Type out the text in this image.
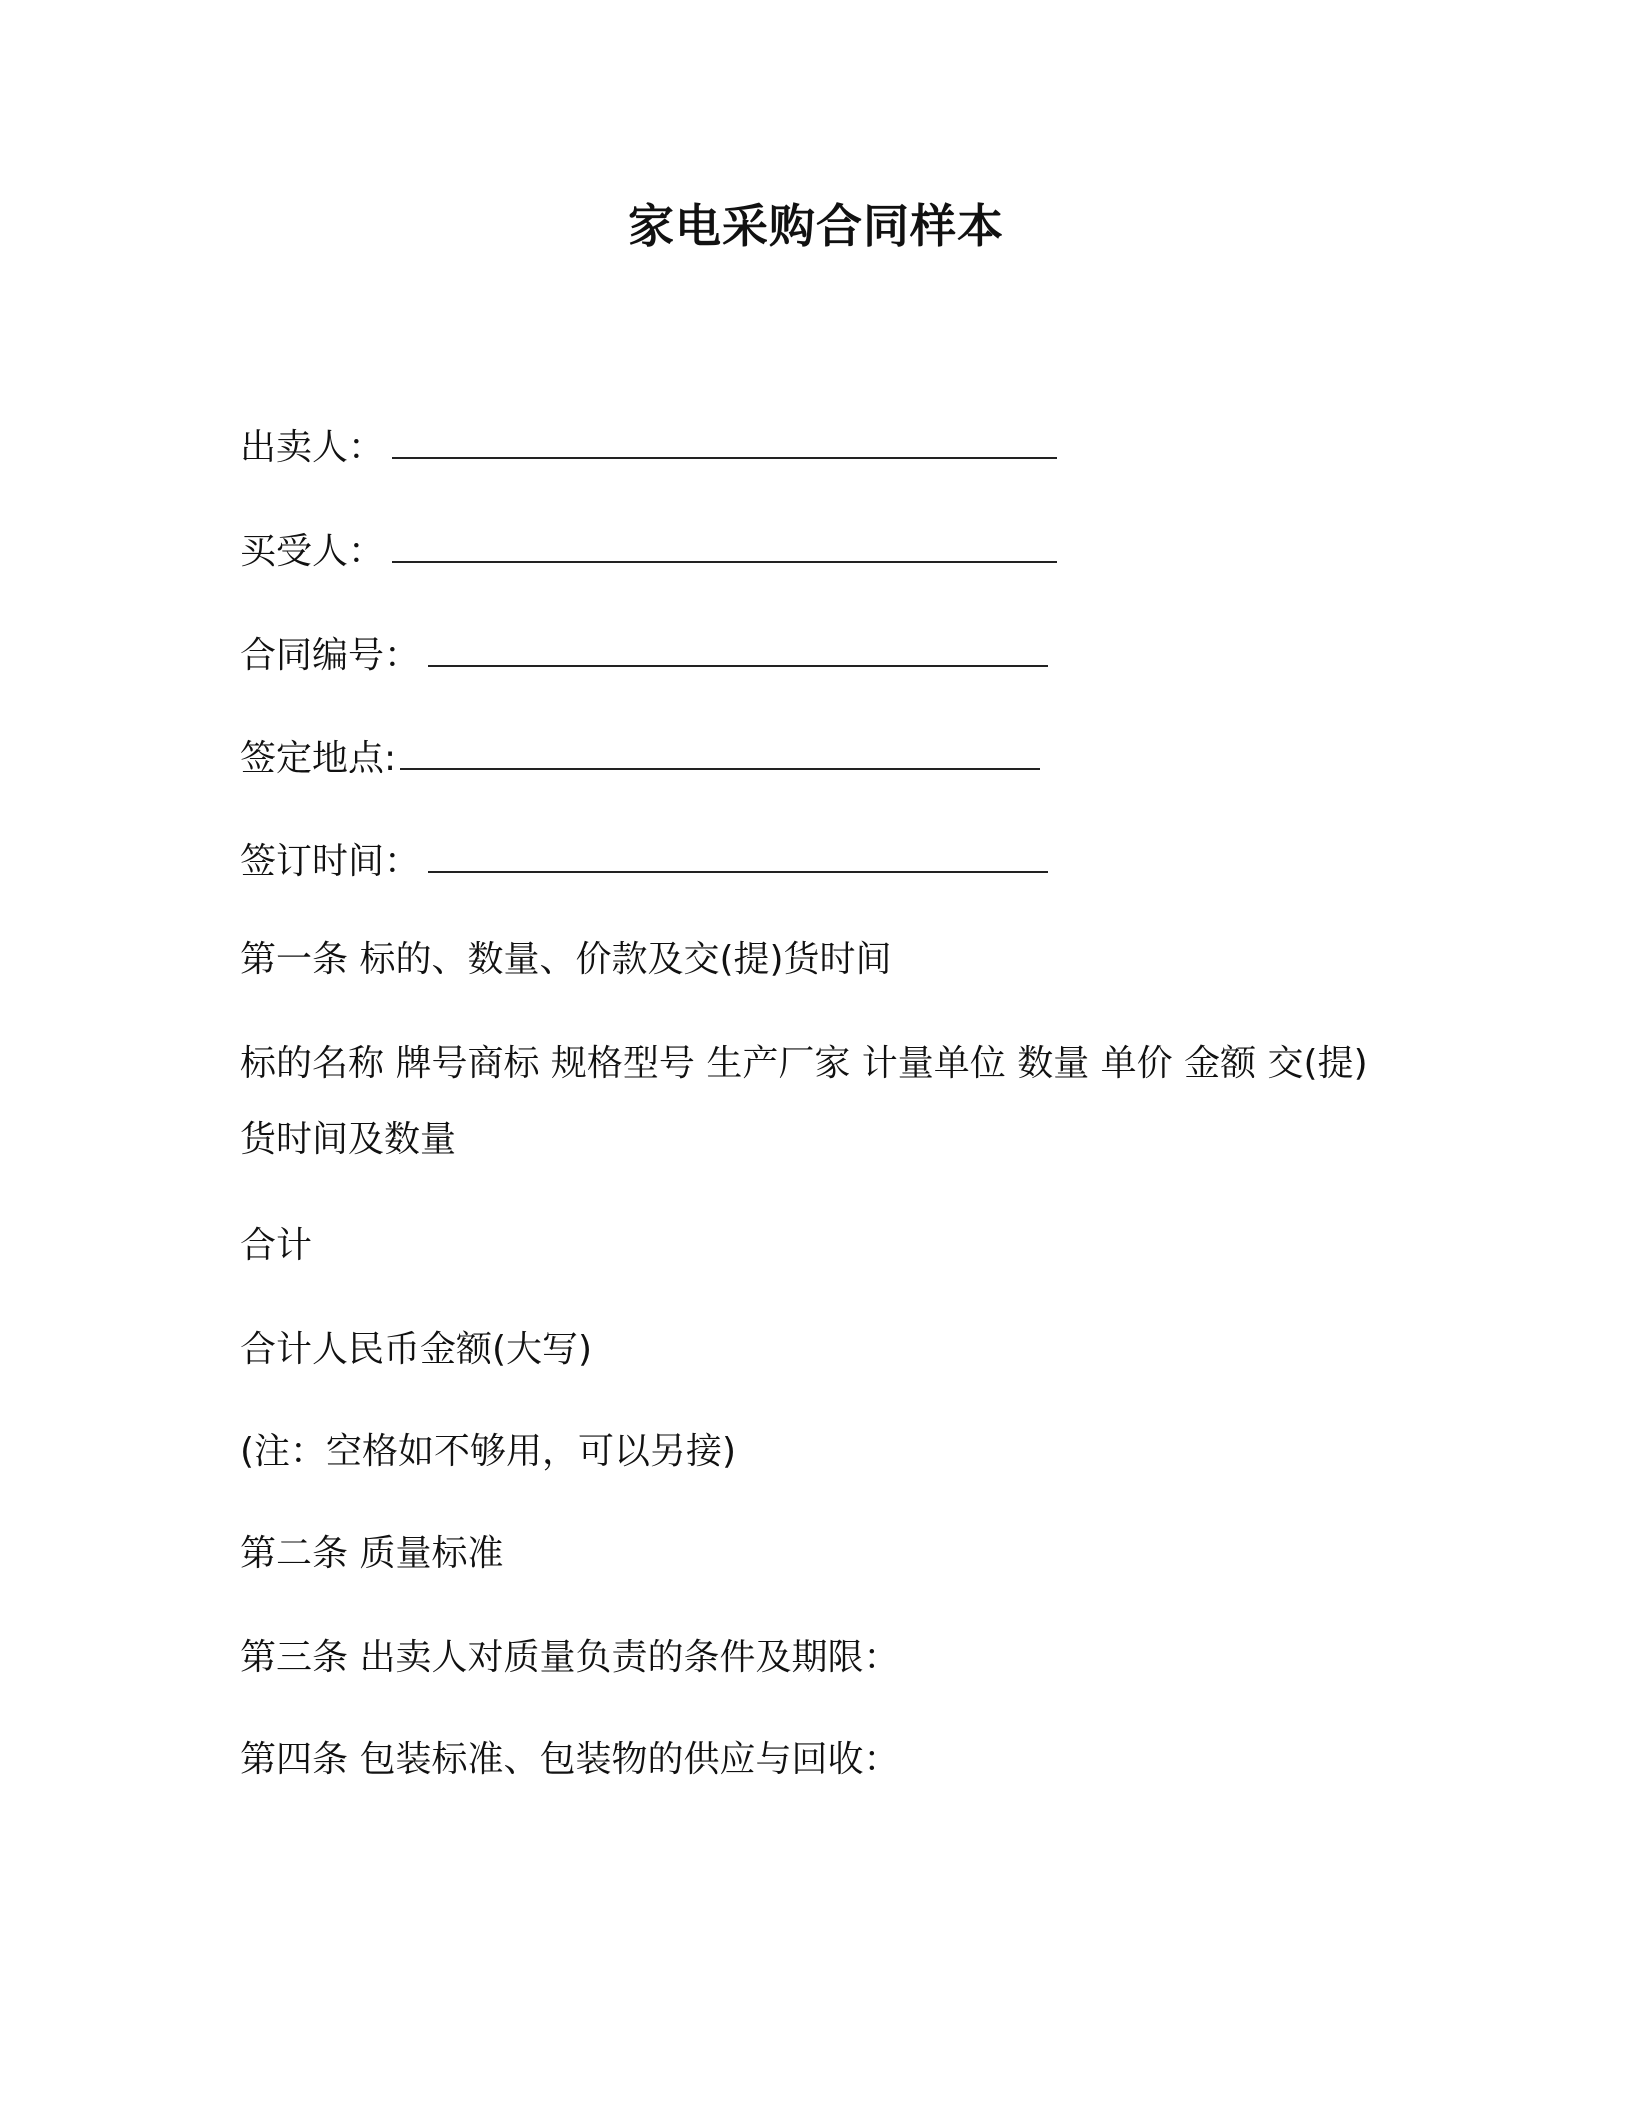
家电采购合同样本
出卖人：
买受人：
合同编号：
签定地点:
签订时间：
第一条 标的、数量、价款及交(提)货时间
标的名称 牌号商标 规格型号 生产厂家 计量单位 数量 单价 金额 交(提)货时间及数量
合计
合计人民币金额(大写)
(注：空格如不够用，可以另接)
第二条 质量标准
第三条 出卖人对质量负责的条件及期限：
第四条 包装标准、包装物的供应与回收：
